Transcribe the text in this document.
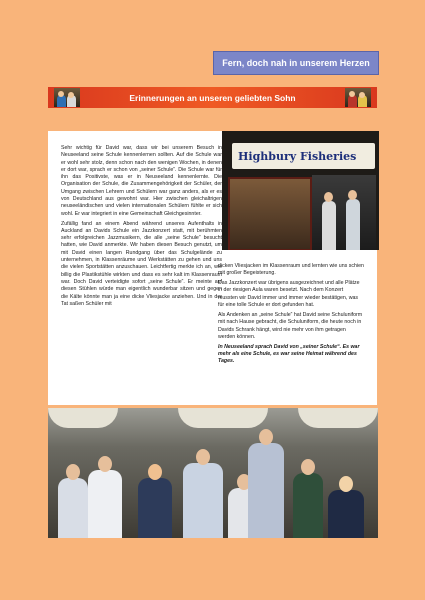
Fern, doch nah in unserem Herzen
Erinnerungen an unseren geliebten Sohn

Sehr wichtig für David war, dass wir bei unserem Besuch in Neuseeland seine Schule kennenlernen sollten. Auf die Schule war er wohl sehr stolz, denn schon nach den wenigen Wochen, in denen er dort war, sprach er schon von „seiner Schule“. Die Schule war für ihn das Positivste, was er in Neuseeland kennenlernte. Die Organisation der Schule, die Zusammengehörigkeit der Schüler, der Umgang zwischen Lehrern und Schülern war ganz anders, als er es von Deutschland aus gewohnt war. Hier zwischen gleichaltrigen neuseeländischen und vielen internationalen Schülern fühlte er sich wohl. Er war integriert in eine Gemeinschaft Gleichgesinnter.

Zufällig fand an einem Abend während unseres Aufenthalts in Auckland an Davids Schule ein Jazzkonzert statt, mit berühmten sehr erfolgreichen Jazzmusikern, die alle „seine Schule“ besucht hatten, wie David anmerkte. Wir haben diesen Besuch genutzt, um mit David einen langen Rundgang über das Schulgelände zu unternehmen, in Klassenräume und Werkstätten zu gehen und uns die vielen Sportstätten anzuschauen. Leichtfertig merkte ich an, wie billig die Plastikstühle wirkten und dass es sehr kalt im Klassenraum war. Doch David verteidigte sofort „seine Schule“. Er meinte auf diesen Stühlen würde man eigentlich wunderbar sitzen und gegen die Kälte könnte man ja eine dicke Vliesjacke anziehen. Und in der Tat saßen Schüler mit

dicken Vliesjacken im Klassenraum und lernten wie uns schien mit großer Begeisterung.

Das Jazzkonzert war übrigens ausgezeichnet und alle Plätze in der riesigen Aula waren besetzt. Nach dem Konzert mussten wir David immer und immer wieder bestätigen, was für eine tolle Schule er dort gefunden hat.

Als Andenken an „seine Schule“ hat David seine Schuluniform mit nach Hause gebracht, die Schuluniform, die heute noch in Davids Schrank hängt, wird nie mehr von ihm getragen werden können.

In Neuseeland sprach David von „seiner Schule“. Es war mehr als eine Schule, es war seine Heimat während des Tages.

Highbury Fisheries
